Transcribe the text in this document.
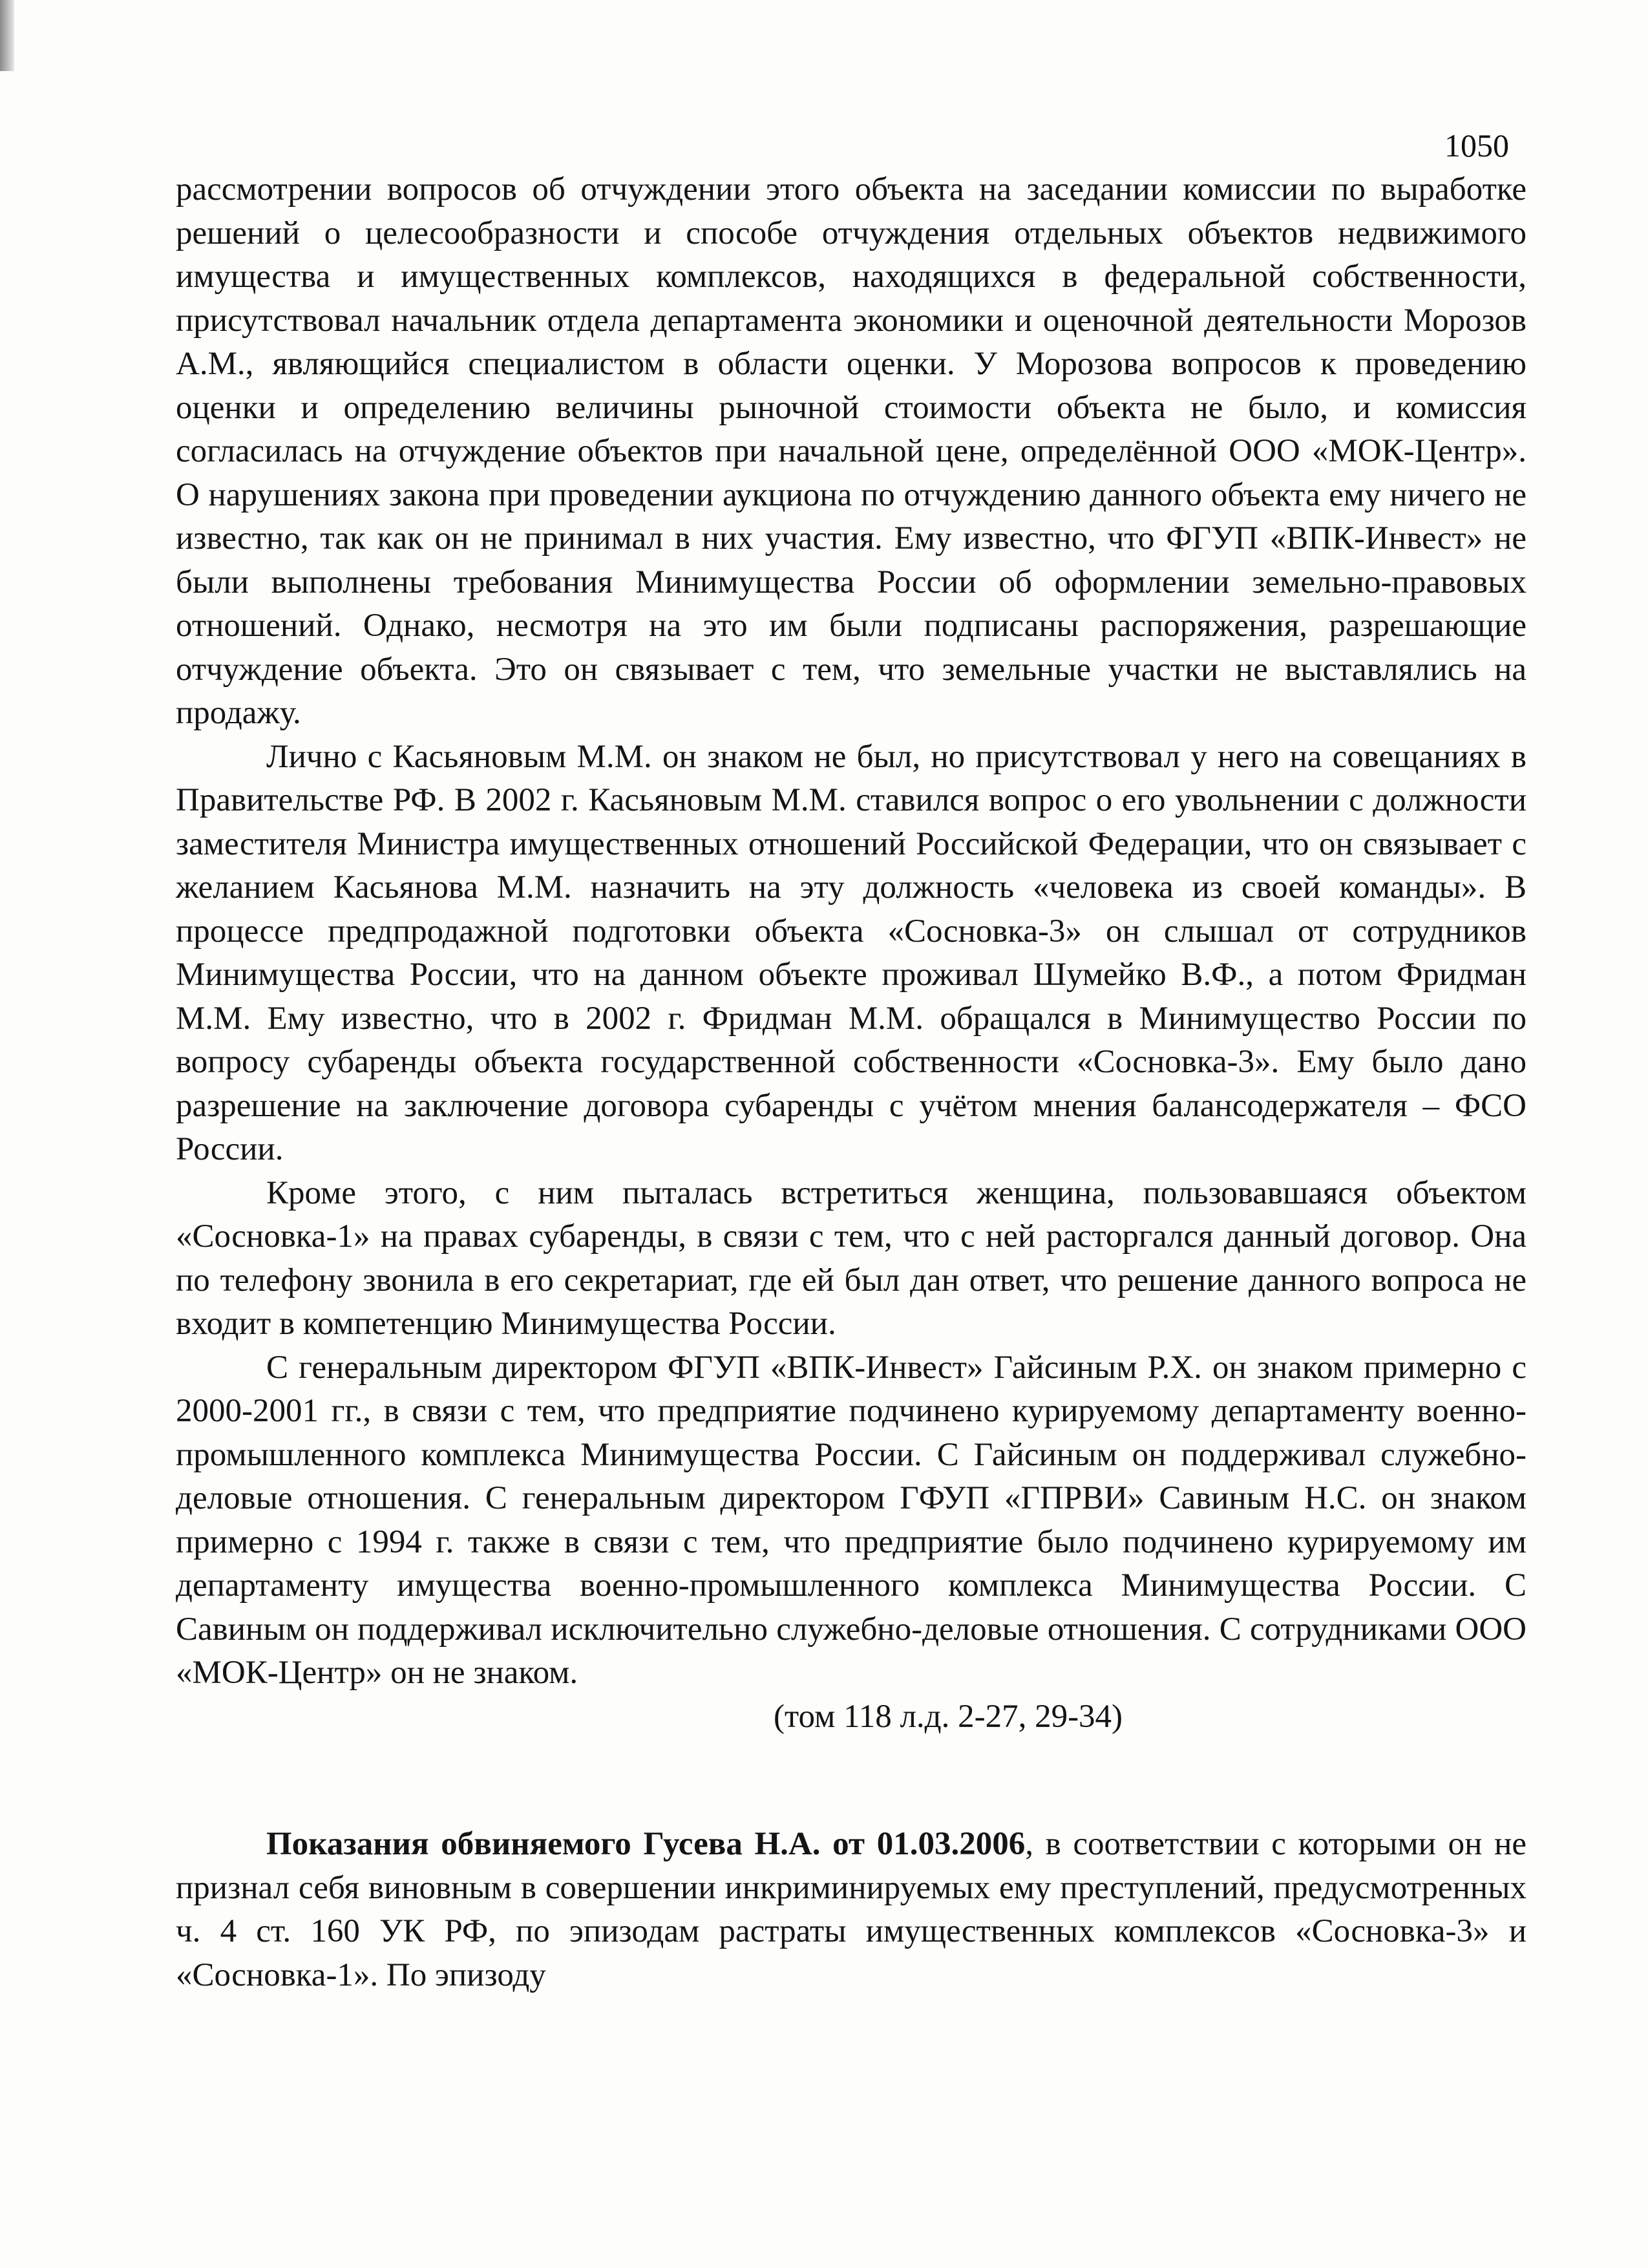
1050

рассмотрении вопросов об отчуждении этого объекта на заседании комиссии по выработке решений о целесообразности и способе отчуждения отдельных объектов недвижимого имущества и имущественных комплексов, находящихся в федеральной собственности, присутствовал начальник отдела департамента экономики и оценочной деятельности Морозов А.М., являющийся специалистом в области оценки. У Морозова вопросов к проведению оценки и определению величины рыночной стоимости объекта не было, и комиссия согласилась на отчуждение объектов при начальной цене, определённой ООО «МОК-Центр». О нарушениях закона при проведении аукциона по отчуждению данного объекта ему ничего не известно, так как он не принимал в них участия. Ему известно, что ФГУП «ВПК-Инвест» не были выполнены требования Минимущества России об оформлении земельно-правовых отношений. Однако, несмотря на это им были подписаны распоряжения, разрешающие отчуждение объекта. Это он связывает с тем, что земельные участки не выставлялись на продажу.

Лично с Касьяновым М.М. он знаком не был, но присутствовал у него на совещаниях в Правительстве РФ. В 2002 г. Касьяновым М.М. ставился вопрос о его увольнении с должности заместителя Министра имущественных отношений Российской Федерации, что он связывает с желанием Касьянова М.М. назначить на эту должность «человека из своей команды». В процессе предпродажной подготовки объекта «Сосновка-3» он слышал от сотрудников Минимущества России, что на данном объекте проживал Шумейко В.Ф., а потом Фридман М.М. Ему известно, что в 2002 г. Фридман М.М. обращался в Минимущество России по вопросу субаренды объекта государственной собственности «Сосновка-3». Ему было дано разрешение на заключение договора субаренды с учётом мнения балансодержателя – ФСО России.

Кроме этого, с ним пыталась встретиться женщина, пользовавшаяся объектом «Сосновка-1» на правах субаренды, в связи с тем, что с ней расторгался данный договор. Она по телефону звонила в его секретариат, где ей был дан ответ, что решение данного вопроса не входит в компетенцию Минимущества России.

С генеральным директором ФГУП «ВПК-Инвест» Гайсиным Р.Х. он знаком примерно с 2000-2001 гг., в связи с тем, что предприятие подчинено курируемому департаменту военно-промышленного комплекса Минимущества России. С Гайсиным он поддерживал служебно-деловые отношения. С генеральным директором ГФУП «ГПРВИ» Савиным Н.С. он знаком примерно с 1994 г. также в связи с тем, что предприятие было подчинено курируемому им департаменту имущества военно-промышленного комплекса Минимущества России. С Савиным он поддерживал исключительно служебно-деловые отношения. С сотрудниками ООО «МОК-Центр» он не знаком.

(том 118 л.д. 2-27, 29-34)

Показания обвиняемого Гусева Н.А. от 01.03.2006, в соответствии с которыми он не признал себя виновным в совершении инкриминируемых ему преступлений, предусмотренных ч. 4 ст. 160 УК РФ, по эпизодам растраты имущественных комплексов «Сосновка-3» и «Сосновка-1». По эпизоду
